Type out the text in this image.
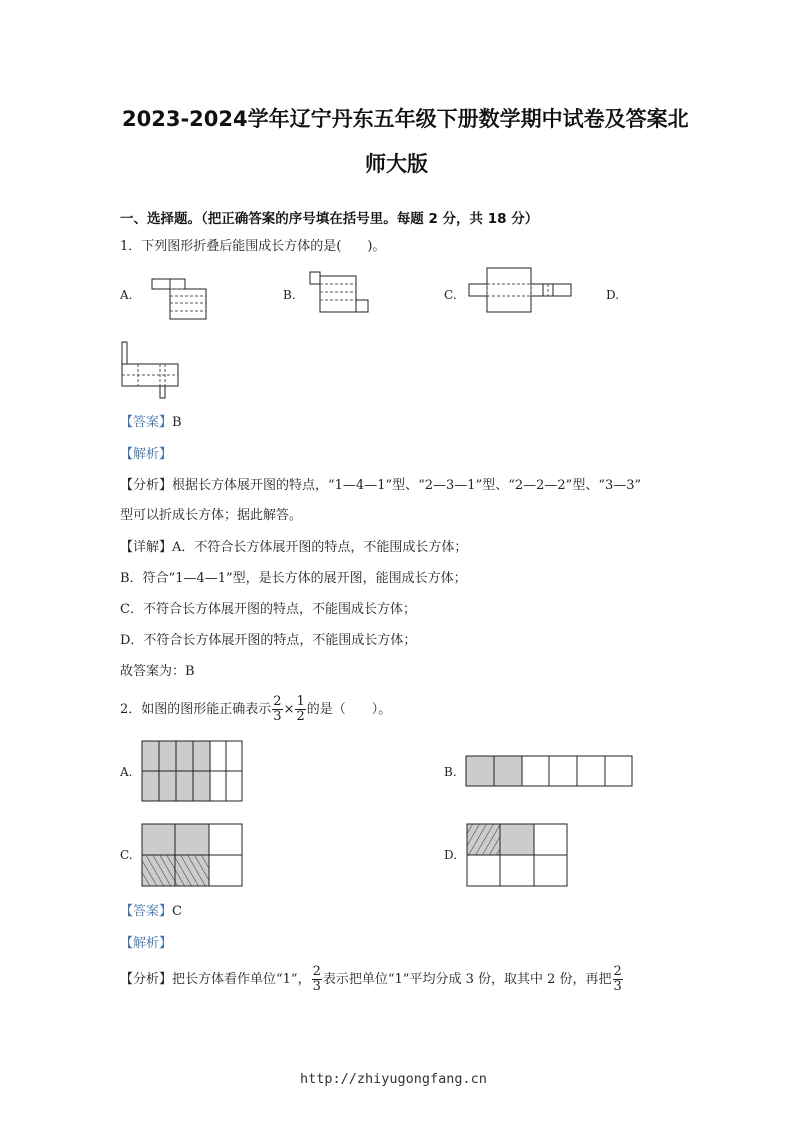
2023-2024学年辽宁丹东五年级下册数学期中试卷及答案北
师大版
一、选择题。（把正确答案的序号填在括号里。每题 2 分，共 18 分）
1．下列图形折叠后能围成长方体的是(　　)。
A.	B.	C.	D.
【答案】B
【解析】
【分析】根据长方体展开图的特点，“1—4—1”型、“2—3—1”型、“2—2—2”型、“3—3”
型可以折成长方体；据此解答。
【详解】A．不符合长方体展开图的特点，不能围成长方体；
B．符合“1—4—1”型，是长方体的展开图，能围成长方体；
C．不符合长方体展开图的特点，不能围成长方体；
D．不符合长方体展开图的特点，不能围成长方体；
故答案为：B
2．如图的图形能正确表示 $\frac{2}{3} \times \frac{1}{2}$ 的是（　　）。
A.	B.
C.	D.
【答案】C
【解析】
【分析】把长方体看作单位“1”， $\frac{2}{3}$ 表示把单位“1”平均分成 3 份，取其中 2 份，再把 $\frac{2}{3}$
http://zhiyugongfang.cn
